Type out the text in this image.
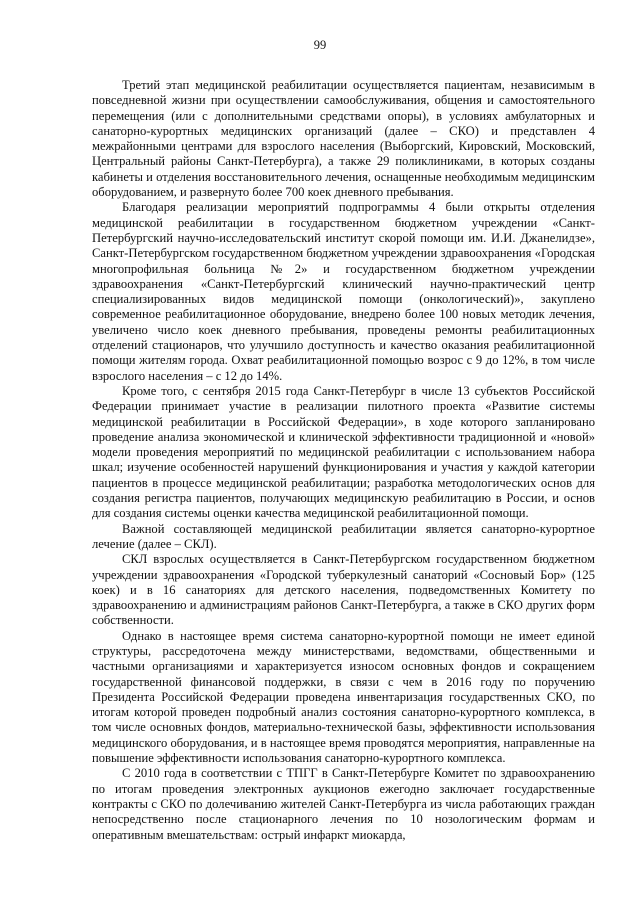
99

Третий этап медицинской реабилитации осуществляется пациентам, независимым в повседневной жизни при осуществлении самообслуживания, общения и самостоятельного перемещения (или с дополнительными средствами опоры), в условиях амбулаторных и санаторно-курортных медицинских организаций (далее – СКО) и представлен 4 межрайонными центрами для взрослого населения (Выборгский, Кировский, Московский, Центральный районы Санкт-Петербурга), а также 29 поликлиниками, в которых созданы кабинеты и отделения восстановительного лечения, оснащенные необходимым медицинским оборудованием, и развернуто более 700 коек дневного пребывания.

Благодаря реализации мероприятий подпрограммы 4 были открыты отделения медицинской реабилитации в государственном бюджетном учреждении «Санкт-Петербургский научно-исследовательский институт скорой помощи им. И.И. Джанелидзе», Санкт-Петербургском государственном бюджетном учреждении здравоохранения «Городская многопрофильная больница №2» и государственном бюджетном учреждении здравоохранения «Санкт-Петербургский клинический научно-практический центр специализированных видов медицинской помощи (онкологический)», закуплено современное реабилитационное оборудование, внедрено более 100 новых методик лечения, увеличено число коек дневного пребывания, проведены ремонты реабилитационных отделений стационаров, что улучшило доступность и качество оказания реабилитационной помощи жителям города. Охват реабилитационной помощью возрос с 9 до 12%, в том числе взрослого населения – с 12 до 14%.

Кроме того, с сентября 2015 года Санкт-Петербург в числе 13 субъектов Российской Федерации принимает участие в реализации пилотного проекта «Развитие системы медицинской реабилитации в Российской Федерации», в ходе которого запланировано проведение анализа экономической и клинической эффективности традиционной и «новой» модели проведения мероприятий по медицинской реабилитации с использованием набора шкал; изучение особенностей нарушений функционирования и участия у каждой категории пациентов в процессе медицинской реабилитации; разработка методологических основ для создания регистра пациентов, получающих медицинскую реабилитацию в России, и основ для создания системы оценки качества медицинской реабилитационной помощи.

Важной составляющей медицинской реабилитации является санаторно-курортное лечение (далее – СКЛ).

СКЛ взрослых осуществляется в Санкт-Петербургском государственном бюджетном учреждении здравоохранения «Городской туберкулезный санаторий «Сосновый Бор» (125 коек) и в 16 санаториях для детского населения, подведомственных Комитету по здравоохранению и администрациям районов Санкт-Петербурга, а также в СКО других форм собственности.

Однако в настоящее время система санаторно-курортной помощи не имеет единой структуры, рассредоточена между министерствами, ведомствами, общественными и частными организациями и характеризуется износом основных фондов и сокращением государственной финансовой поддержки, в связи с чем в 2016 году по поручению Президента Российской Федерации проведена инвентаризация государственных СКО, по итогам которой проведен подробный анализ состояния санаторно-курортного комплекса, в том числе основных фондов, материально-технической базы, эффективности использования медицинского оборудования, и в настоящее время проводятся мероприятия, направленные на повышение эффективности использования санаторно-курортного комплекса.

С 2010 года в соответствии с ТПГГ в Санкт-Петербурге Комитет по здравоохранению по итогам проведения электронных аукционов ежегодно заключает государственные контракты с СКО по долечиванию жителей Санкт-Петербурга из числа работающих граждан непосредственно после стационарного лечения по 10 нозологическим формам и оперативным вмешательствам: острый инфаркт миокарда,
